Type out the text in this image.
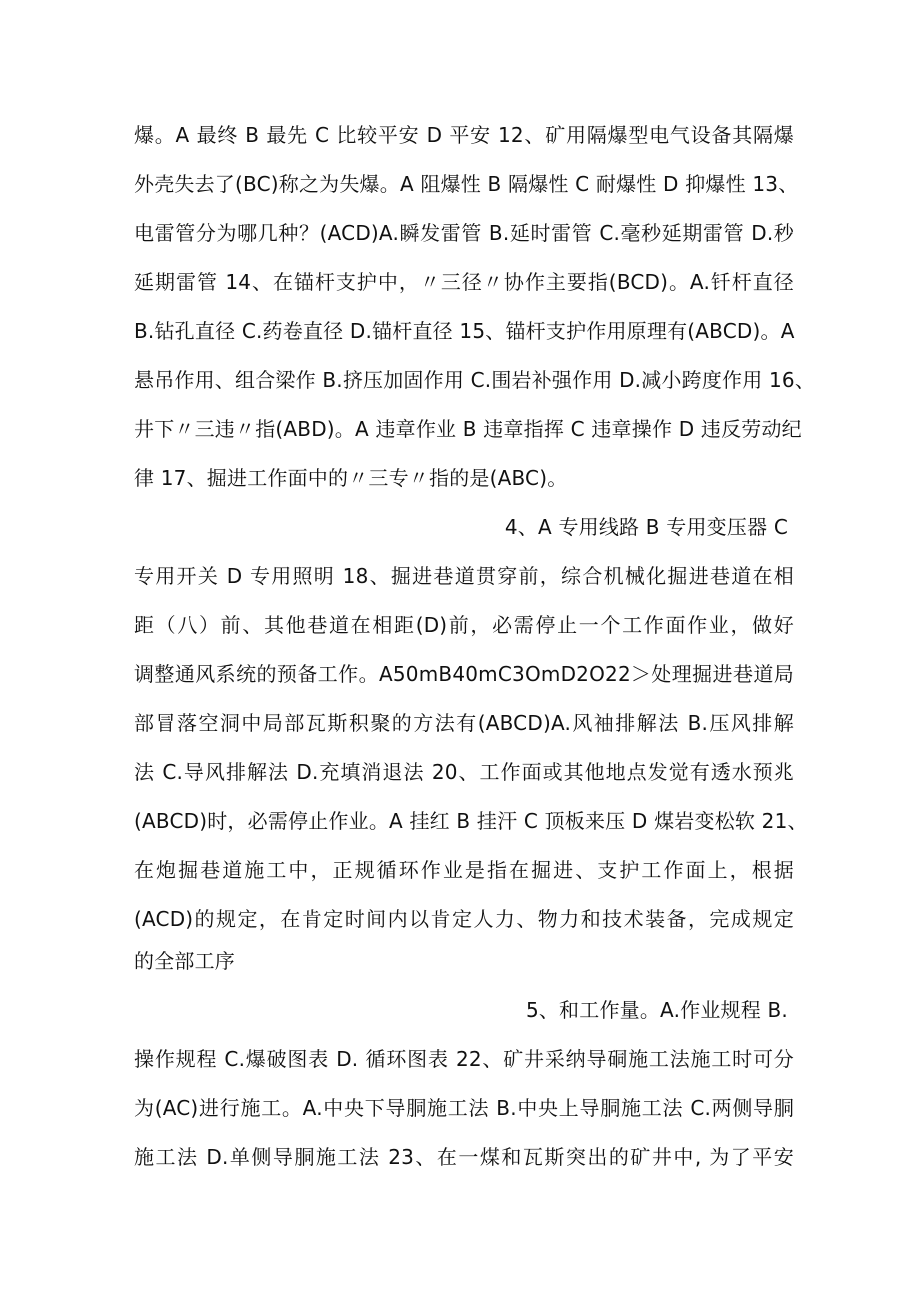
爆。A 最终 B 最先 C 比较平安 D 平安 12、矿用隔爆型电气设备其隔爆
外壳失去了(BC)称之为失爆。A 阻爆性 B 隔爆性 C 耐爆性 D 抑爆性 13、
电雷管分为哪几种？(ACD)A.瞬发雷管 B.延时雷管 C.毫秒延期雷管 D.秒
延期雷管 14、在锚杆支护中，〃三径〃协作主要指(BCD)。A.钎杆直径
B.钻孔直径 C.药卷直径 D.锚杆直径 15、锚杆支护作用原理有(ABCD)。A
悬吊作用、组合梁作 B.挤压加固作用 C.围岩补强作用 D.减小跨度作用 16、
井下〃三违〃指(ABD)。A 违章作业 B 违章指挥 C 违章操作 D 违反劳动纪
律 17、掘进工作面中的〃三专〃指的是(ABC)。
4、A 专用线路 B 专用变压器 C
专用开关 D 专用照明 18、掘进巷道贯穿前，综合机械化掘进巷道在相
距（八）前、其他巷道在相距(D)前，必需停止一个工作面作业，做好
调整通风系统的预备工作。A50mB40mC3OmD2O22＞处理掘进巷道局
部冒落空洞中局部瓦斯积聚的方法有(ABCD)A.风袖排解法 B.压风排解
法 C.导风排解法 D.充填消退法 20、工作面或其他地点发觉有透水预兆
(ABCD)时，必需停止作业。A 挂红 B 挂汗 C 顶板来压 D 煤岩变松软 21、
在炮掘巷道施工中，正规循环作业是指在掘进、支护工作面上，根据
(ACD)的规定，在肯定时间内以肯定人力、物力和技术装备，完成规定
的全部工序
5、和工作量。A.作业规程 B.
操作规程 C.爆破图表 D. 循环图表 22、矿井采纳导硐施工法施工时可分
为(AC)进行施工。A.中央下导胴施工法 B.中央上导胴施工法 C.两侧导胴
施工法 D.单侧导胴施工法 23、在一煤和瓦斯突出的矿井中, 为了平安
